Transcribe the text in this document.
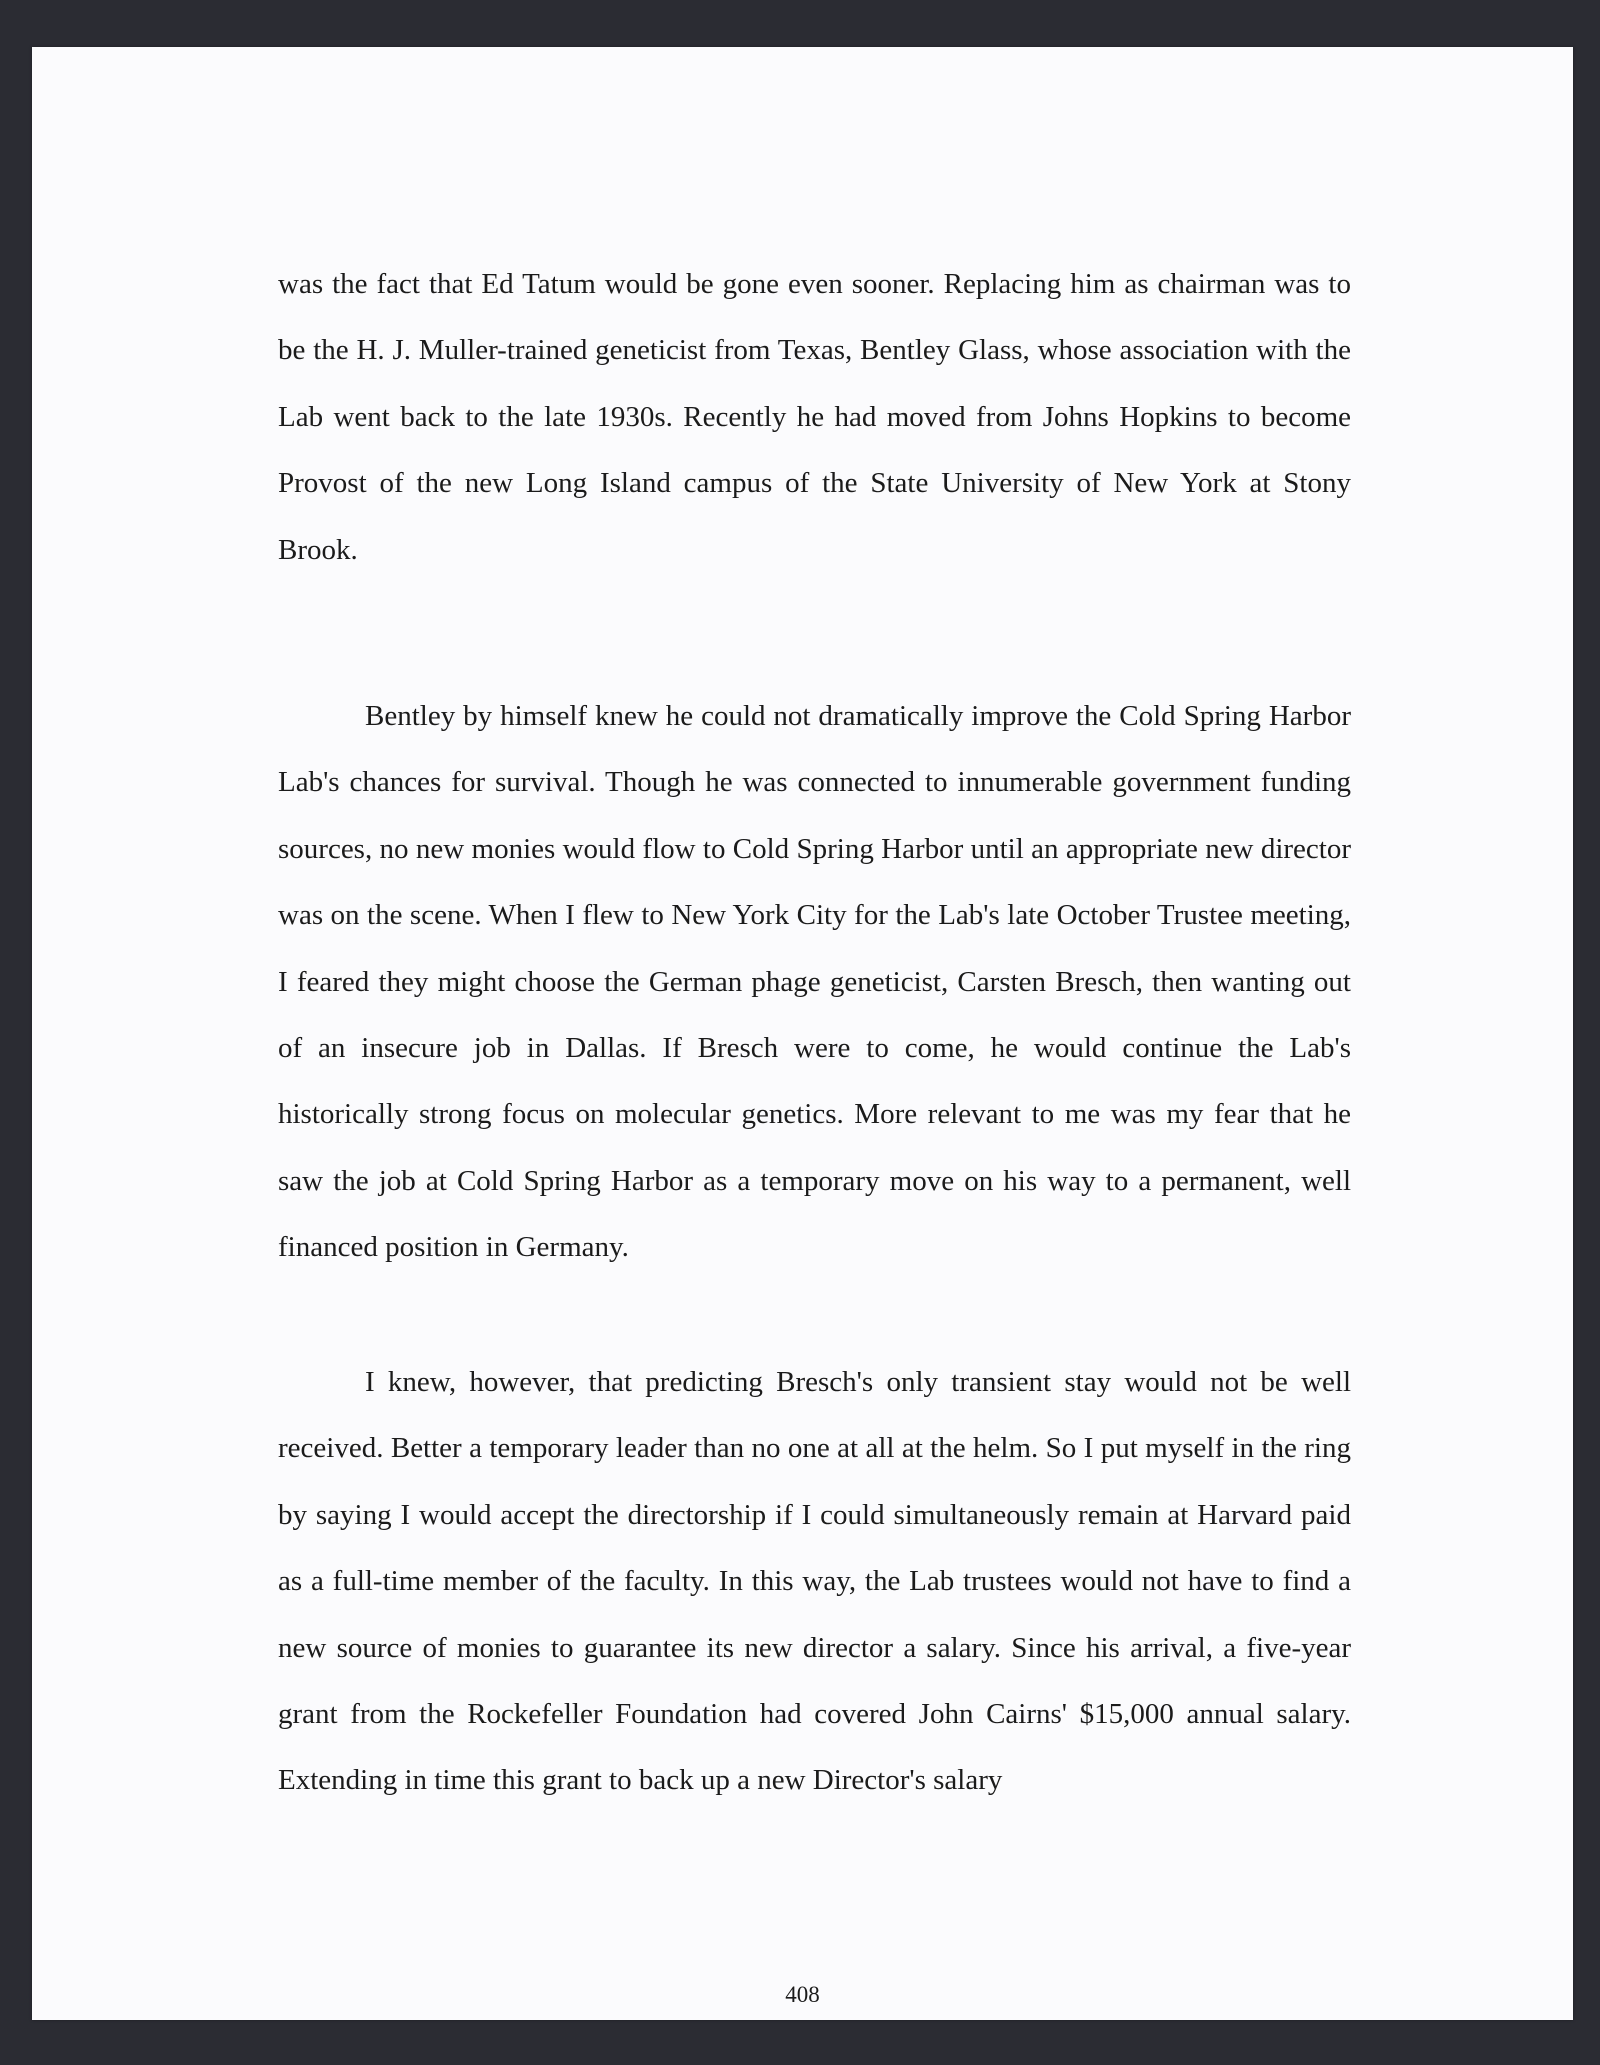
was the fact that Ed Tatum would be gone even sooner. Replacing him as chairman was to be the H. J. Muller-trained geneticist from Texas, Bentley Glass, whose association with the Lab went back to the late 1930s. Recently he had moved from Johns Hopkins to become Provost of the new Long Island campus of the State University of New York at Stony Brook.

Bentley by himself knew he could not dramatically improve the Cold Spring Harbor Lab's chances for survival. Though he was connected to innumerable government funding sources, no new monies would flow to Cold Spring Harbor until an appropriate new director was on the scene. When I flew to New York City for the Lab's late October Trustee meeting, I feared they might choose the German phage geneticist, Carsten Bresch, then wanting out of an insecure job in Dallas. If Bresch were to come, he would continue the Lab's historically strong focus on molecular genetics. More relevant to me was my fear that he saw the job at Cold Spring Harbor as a temporary move on his way to a permanent, well financed position in Germany.

I knew, however, that predicting Bresch's only transient stay would not be well received. Better a temporary leader than no one at all at the helm. So I put myself in the ring by saying I would accept the directorship if I could simultaneously remain at Harvard paid as a full-time member of the faculty. In this way, the Lab trustees would not have to find a new source of monies to guarantee its new director a salary. Since his arrival, a five-year grant from the Rockefeller Foundation had covered John Cairns' $15,000 annual salary. Extending in time this grant to back up a new Director's salary

408
